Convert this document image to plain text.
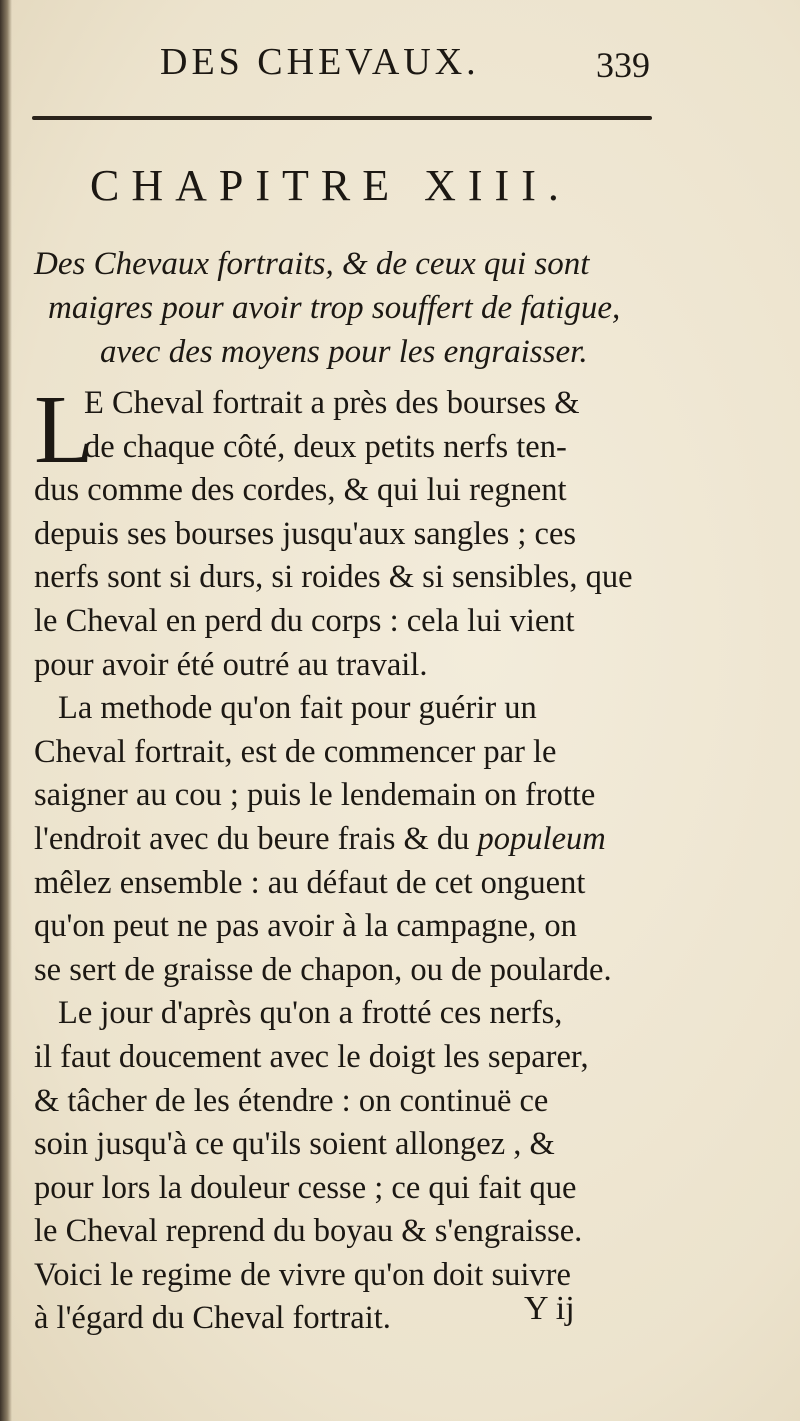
DES CHEVAUX.	339
CHAPITRE XIII.
Des Chevaux fortraits, & de ceux qui sont
maigres pour avoir trop souffert de fatigue,
avec des moyens pour les engraisser.
L
E Cheval fortrait a près des bourses &
de chaque côté, deux petits nerfs ten-
dus comme des cordes, & qui lui regnent
depuis ses bourses jusqu'aux sangles ; ces
nerfs sont si durs, si roides & si sensibles, que
le Cheval en perd du corps : cela lui vient
pour avoir été outré au travail.
La methode qu'on fait pour guérir un
Cheval fortrait, est de commencer par le
saigner au cou ; puis le lendemain on frotte
l'endroit avec du beure frais & du populeum
mêlez ensemble : au défaut de cet onguent
qu'on peut ne pas avoir à la campagne, on
se sert de graisse de chapon, ou de poularde.
Le jour d'après qu'on a frotté ces nerfs,
il faut doucement avec le doigt les separer,
& tâcher de les étendre : on continuë ce
soin jusqu'à ce qu'ils soient allongez , &
pour lors la douleur cesse ; ce qui fait que
le Cheval reprend du boyau & s'engraisse.
Voici le regime de vivre qu'on doit suivre
à l'égard du Cheval fortrait.	Y ij
